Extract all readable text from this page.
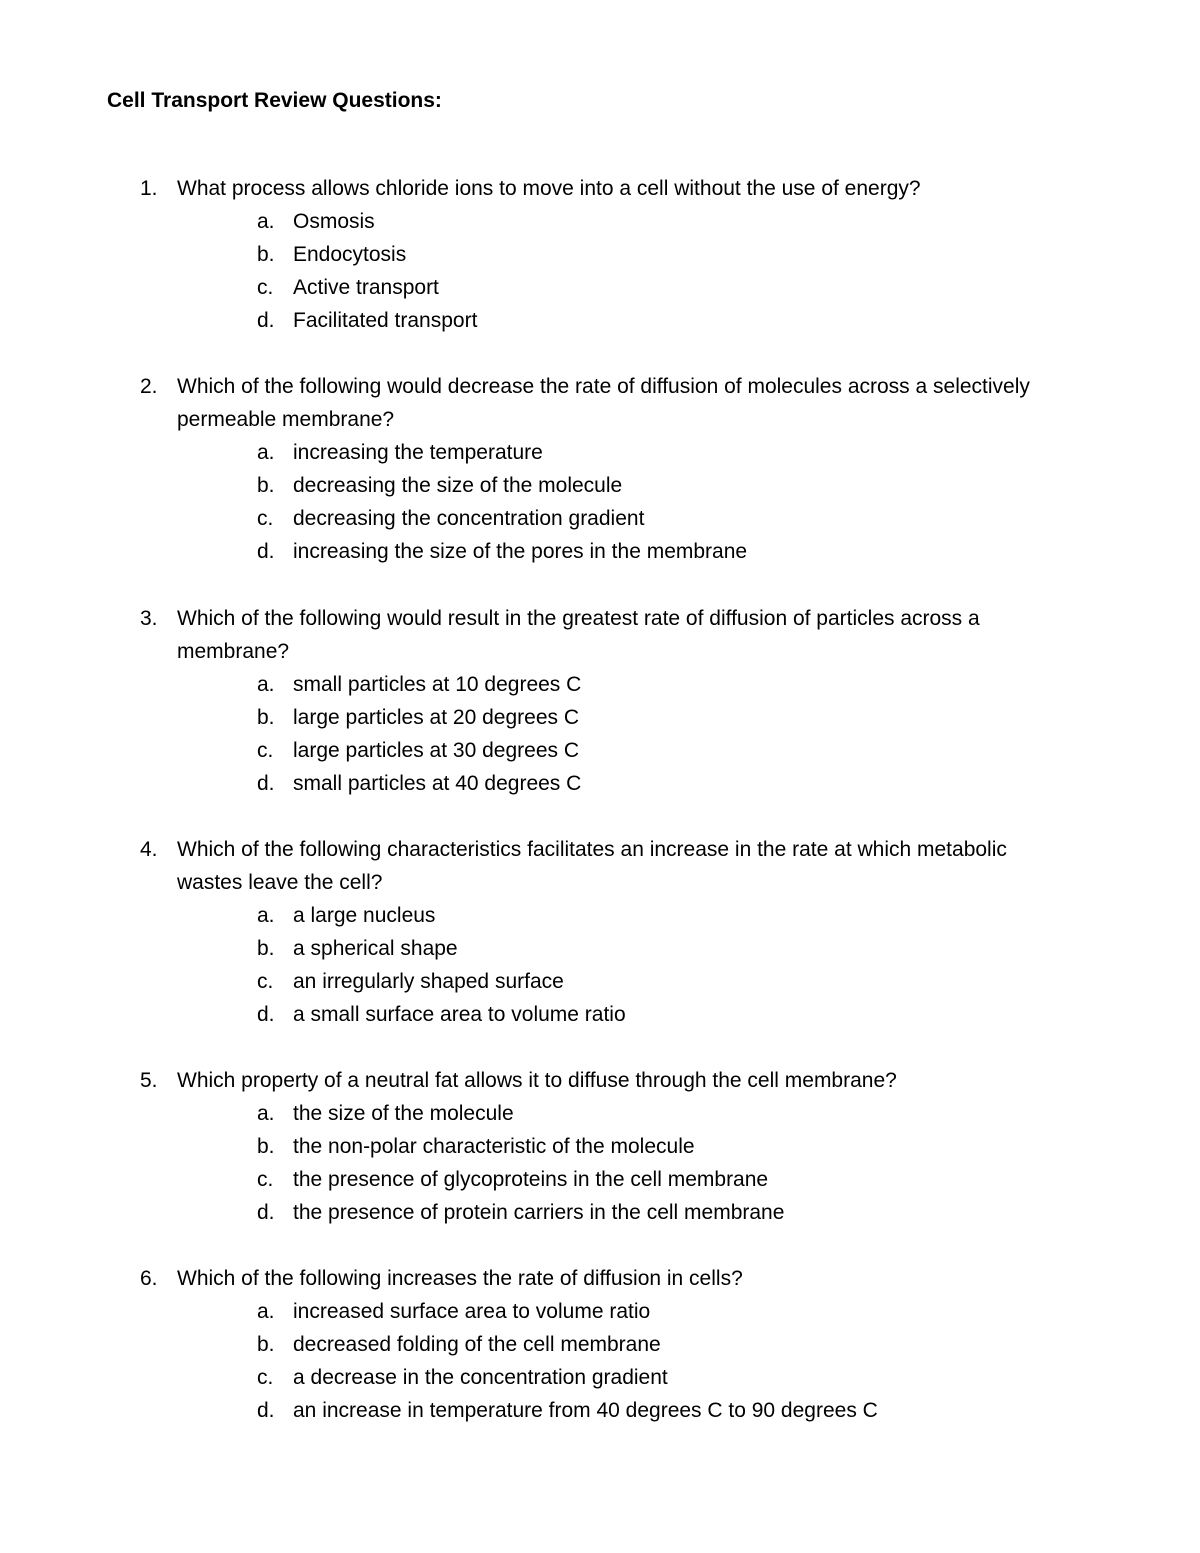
Cell Transport Review Questions:
1. What process allows chloride ions to move into a cell without the use of energy?
a. Osmosis
b. Endocytosis
c. Active transport
d. Facilitated transport
2. Which of the following would decrease the rate of diffusion of molecules across a selectively permeable membrane?
a. increasing the temperature
b. decreasing the size of the molecule
c. decreasing the concentration gradient
d. increasing the size of the pores in the membrane
3. Which of the following would result in the greatest rate of diffusion of particles across a membrane?
a. small particles at 10 degrees C
b. large particles at 20 degrees C
c. large particles at 30 degrees C
d. small particles at 40 degrees C
4. Which of the following characteristics facilitates an increase in the rate at which metabolic wastes leave the cell?
a. a large nucleus
b. a spherical shape
c. an irregularly shaped surface
d. a small surface area to volume ratio
5. Which property of a neutral fat allows it to diffuse through the cell membrane?
a. the size of the molecule
b. the non-polar characteristic of the molecule
c. the presence of glycoproteins in the cell membrane
d. the presence of protein carriers in the cell membrane
6. Which of the following increases the rate of diffusion in cells?
a. increased surface area to volume ratio
b. decreased folding of the cell membrane
c. a decrease in the concentration gradient
d. an increase in temperature from 40 degrees C to 90 degrees C
